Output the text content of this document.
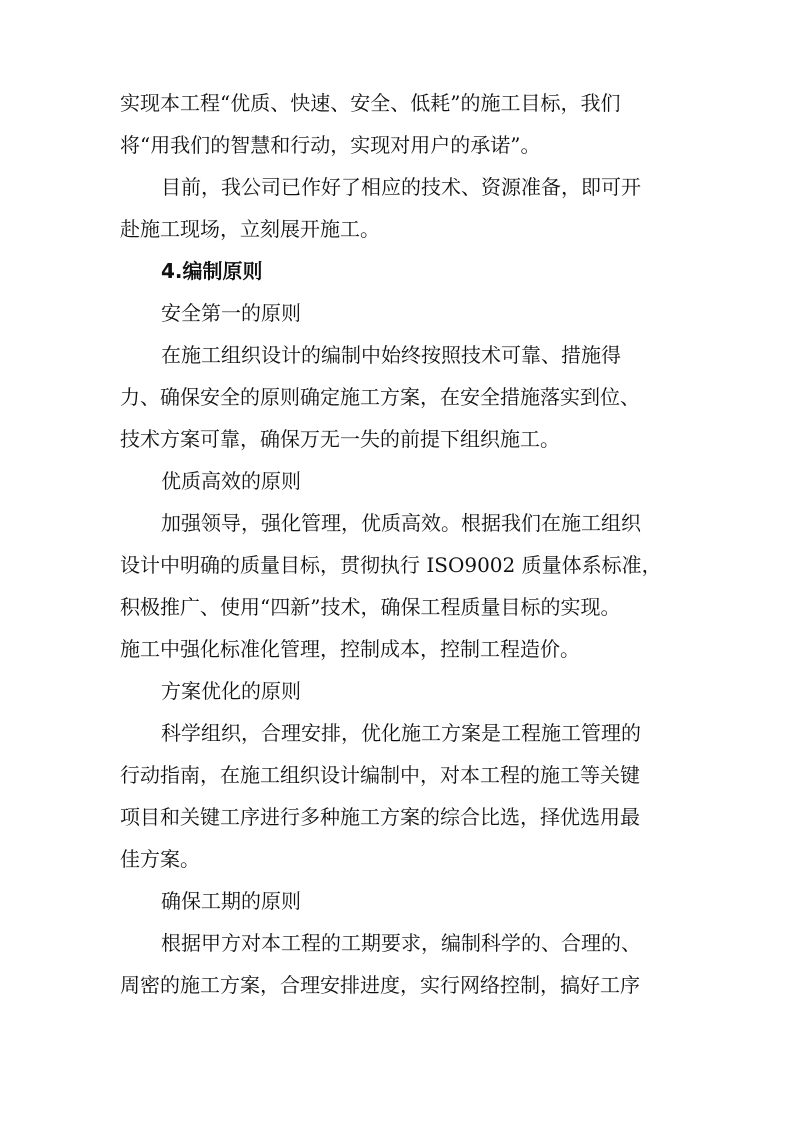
实现本工程“优质、快速、安全、低耗”的施工目标，我们

将“用我们的智慧和行动，实现对用户的承诺”。

目前，我公司已作好了相应的技术、资源准备，即可开

赴施工现场，立刻展开施工。

4.编制原则

安全第一的原则

在施工组织设计的编制中始终按照技术可靠、措施得

力、确保安全的原则确定施工方案，在安全措施落实到位、

技术方案可靠，确保万无一失的前提下组织施工。

优质高效的原则

加强领导，强化管理，优质高效。根据我们在施工组织

设计中明确的质量目标，贯彻执行 ISO9002 质量体系标准，

积极推广、使用“四新”技术，确保工程质量目标的实现。

施工中强化标准化管理，控制成本，控制工程造价。

方案优化的原则

科学组织，合理安排，优化施工方案是工程施工管理的

行动指南，在施工组织设计编制中，对本工程的施工等关键

项目和关键工序进行多种施工方案的综合比选，择优选用最

佳方案。

确保工期的原则

根据甲方对本工程的工期要求，编制科学的、合理的、

周密的施工方案，合理安排进度，实行网络控制，搞好工序
